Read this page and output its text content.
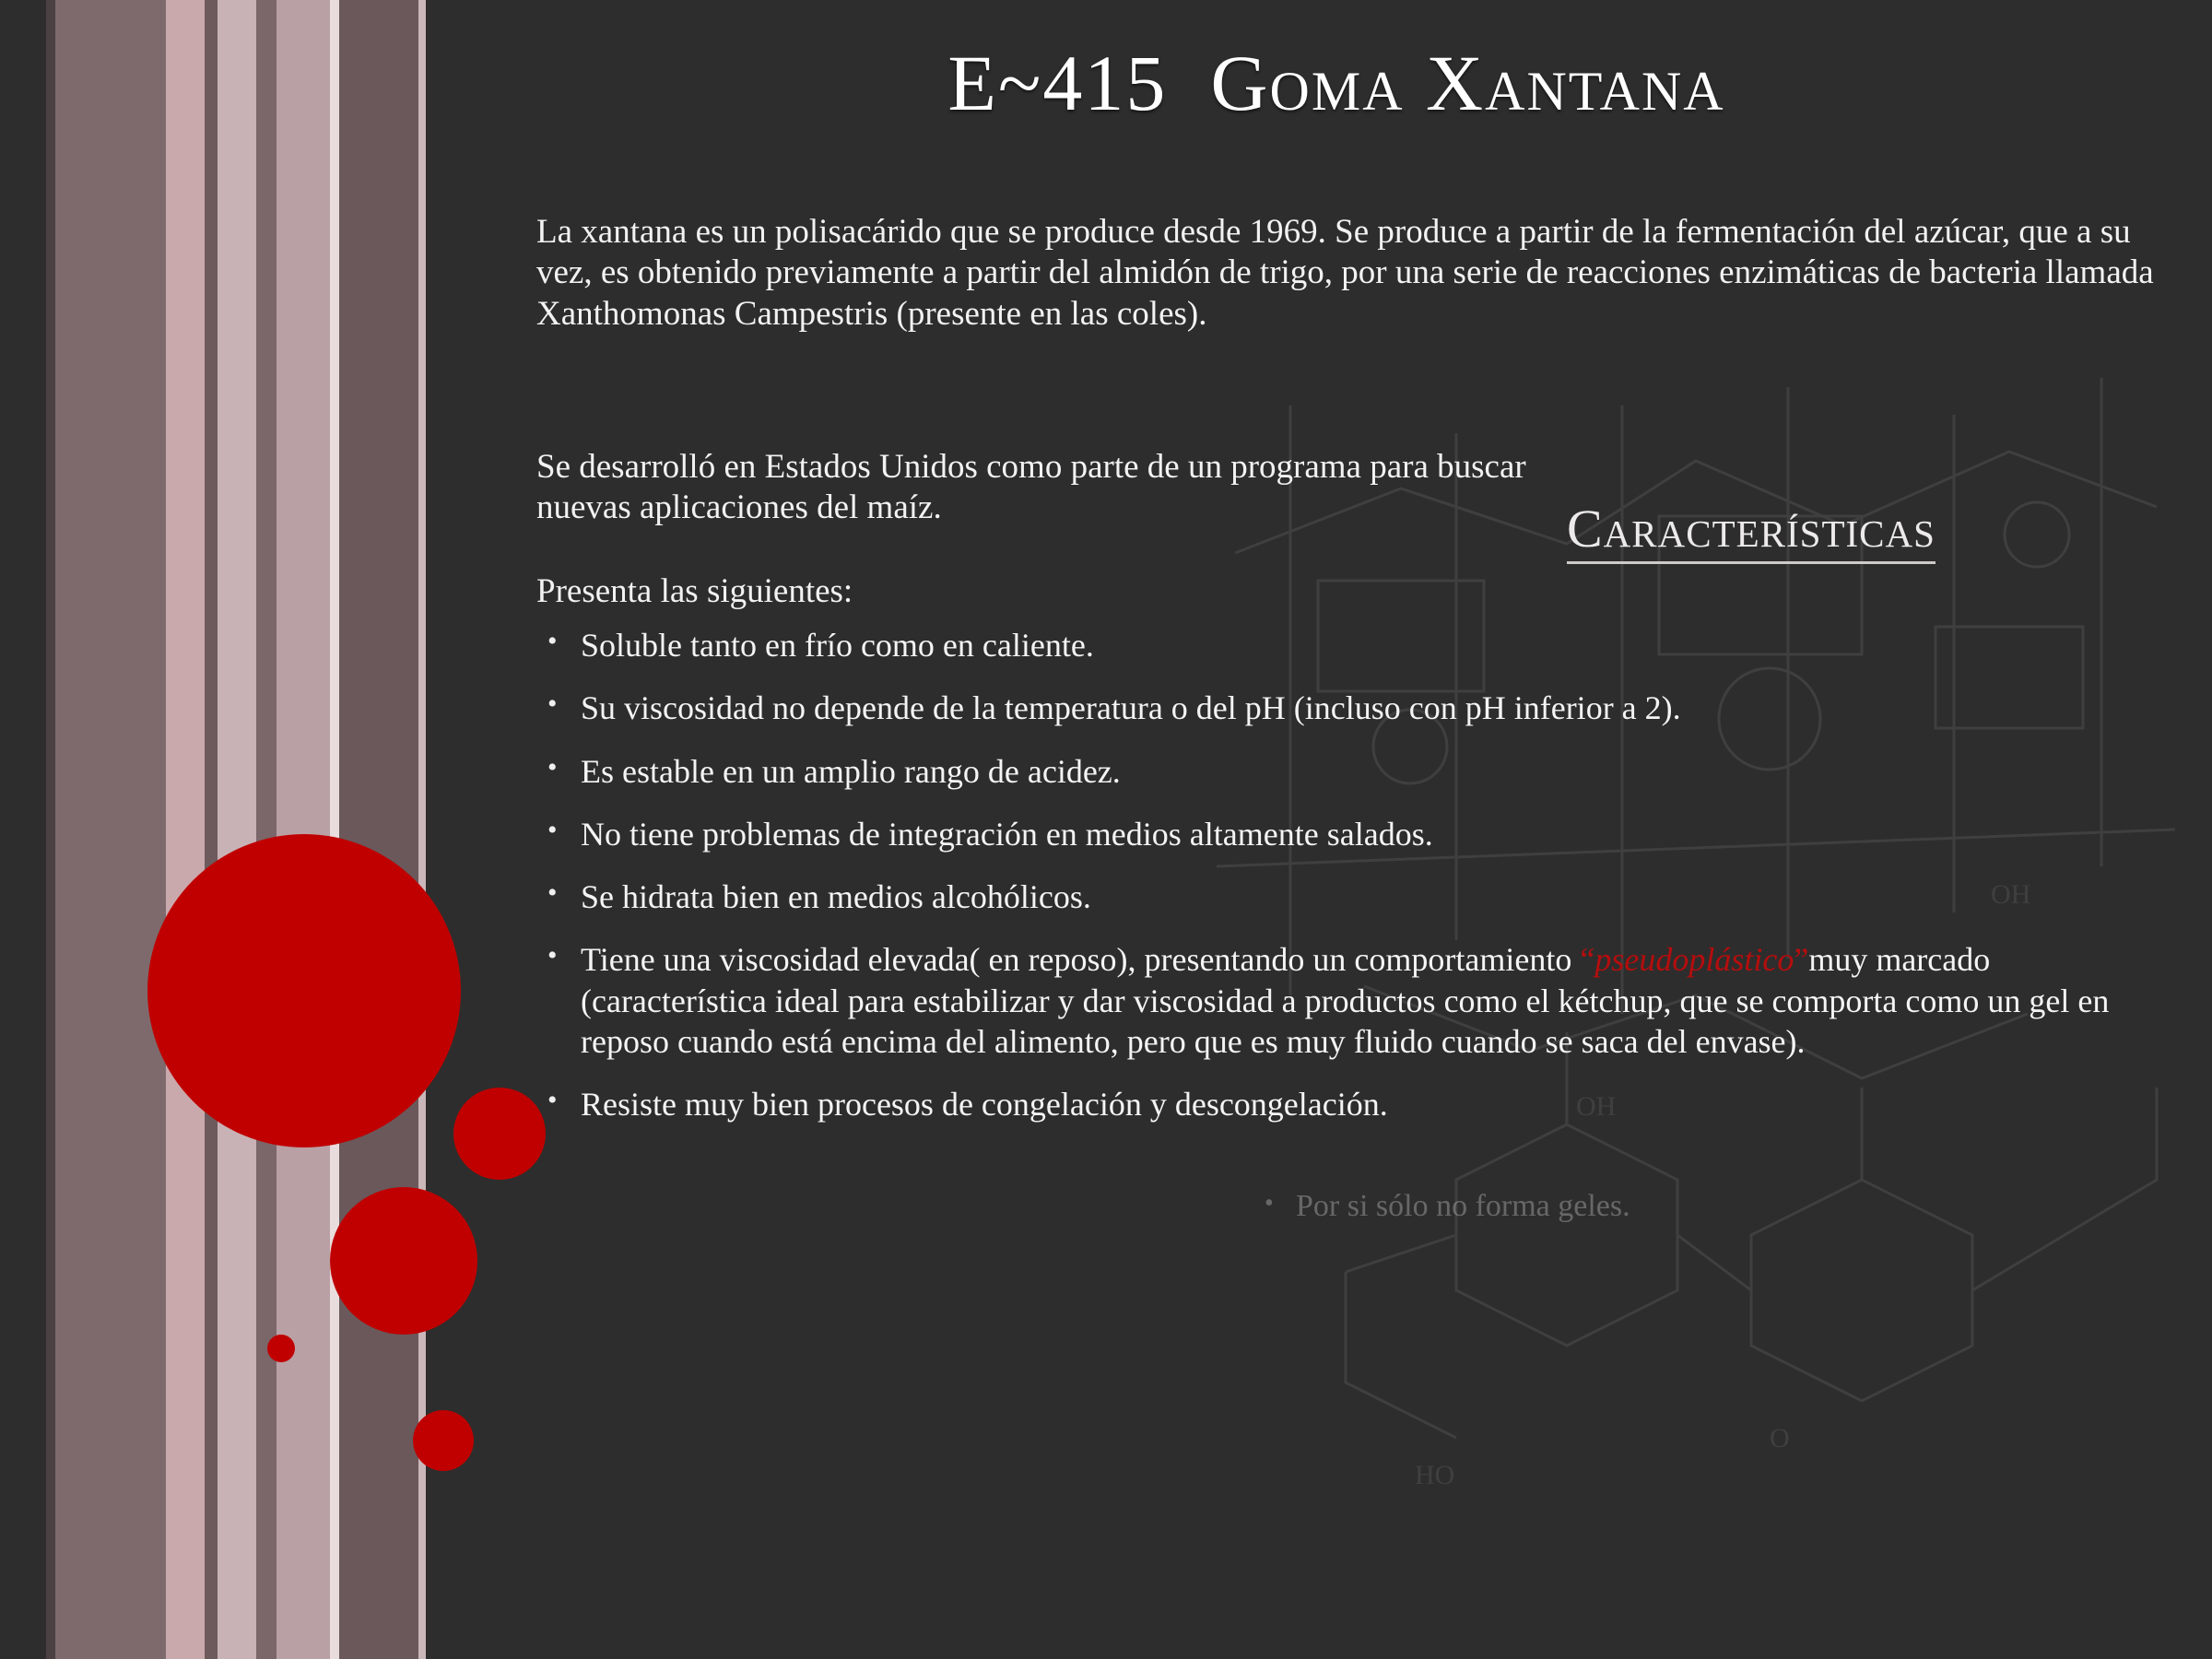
OH
OH
O
HO
E~415  Goma Xantana
La xantana es un polisacárido que se produce desde 1969. Se produce a partir de la fermentación del azúcar, que a su vez, es obtenido previamente a partir del almidón de trigo, por una serie de reacciones enzimáticas de bacteria llamada Xanthomonas Campestris (presente en las coles).
Se desarrolló en Estados Unidos como parte de un programa para buscar nuevas aplicaciones del maíz.	Características
Presenta las siguientes:
• Soluble tanto en frío como en caliente.
• Su viscosidad no depende de la temperatura o del pH (incluso con pH inferior a 2).
• Es estable en un amplio rango de acidez.
• No tiene problemas de integración en medios altamente salados.
• Se hidrata bien en medios alcohólicos.
• Tiene una viscosidad elevada( en reposo), presentando un comportamiento “pseudoplástico”muy marcado (característica ideal para estabilizar y dar viscosidad a productos como el kétchup, que se comporta como un gel en reposo cuando está encima del alimento, pero que es muy fluido cuando se saca del envase).
• Resiste muy bien procesos de congelación y descongelación.
• Por si sólo no forma geles.
